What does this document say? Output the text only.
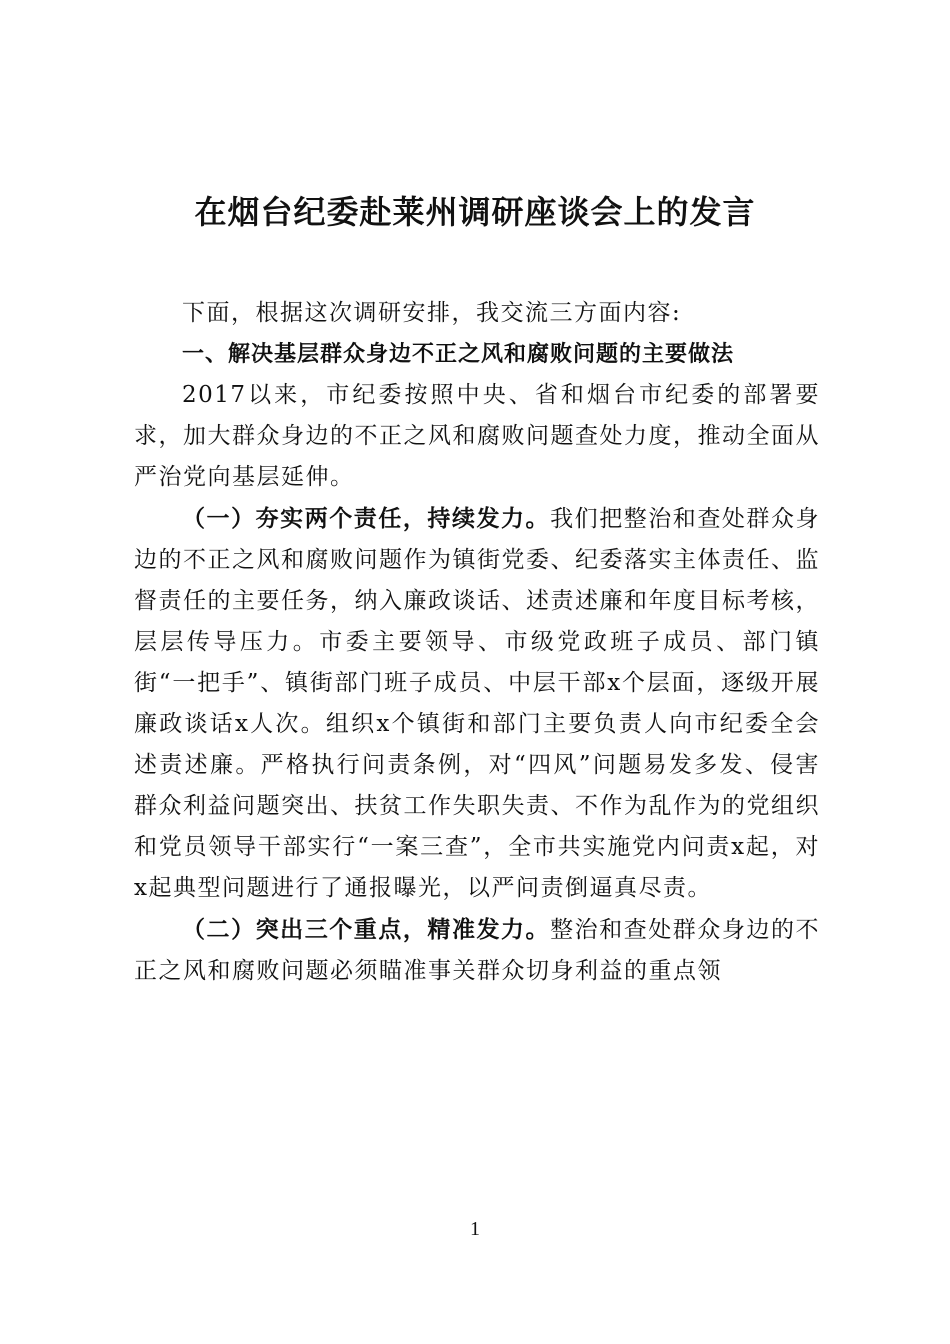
在烟台纪委赴莱州调研座谈会上的发言

下面，根据这次调研安排，我交流三方面内容:

一、解决基层群众身边不正之风和腐败问题的主要做法

2017以来，市纪委按照中央、省和烟台市纪委的部署要求，加大群众身边的不正之风和腐败问题查处力度，推动全面从严治党向基层延伸。

（一）夯实两个责任，持续发力。我们把整治和查处群众身边的不正之风和腐败问题作为镇街党委、纪委落实主体责任、监督责任的主要任务，纳入廉政谈话、述责述廉和年度目标考核，层层传导压力。市委主要领导、市级党政班子成员、部门镇街“一把手”、镇街部门班子成员、中层干部x个层面，逐级开展廉政谈话x人次。组织x个镇街和部门主要负责人向市纪委全会述责述廉。严格执行问责条例，对“四风”问题易发多发、侵害群众利益问题突出、扶贫工作失职失责、不作为乱作为的党组织和党员领导干部实行“一案三查”，全市共实施党内问责x起，对x起典型问题进行了通报曝光，以严问责倒逼真尽责。

（二）突出三个重点，精准发力。整治和查处群众身边的不正之风和腐败问题必须瞄准事关群众切身利益的重点领

1
